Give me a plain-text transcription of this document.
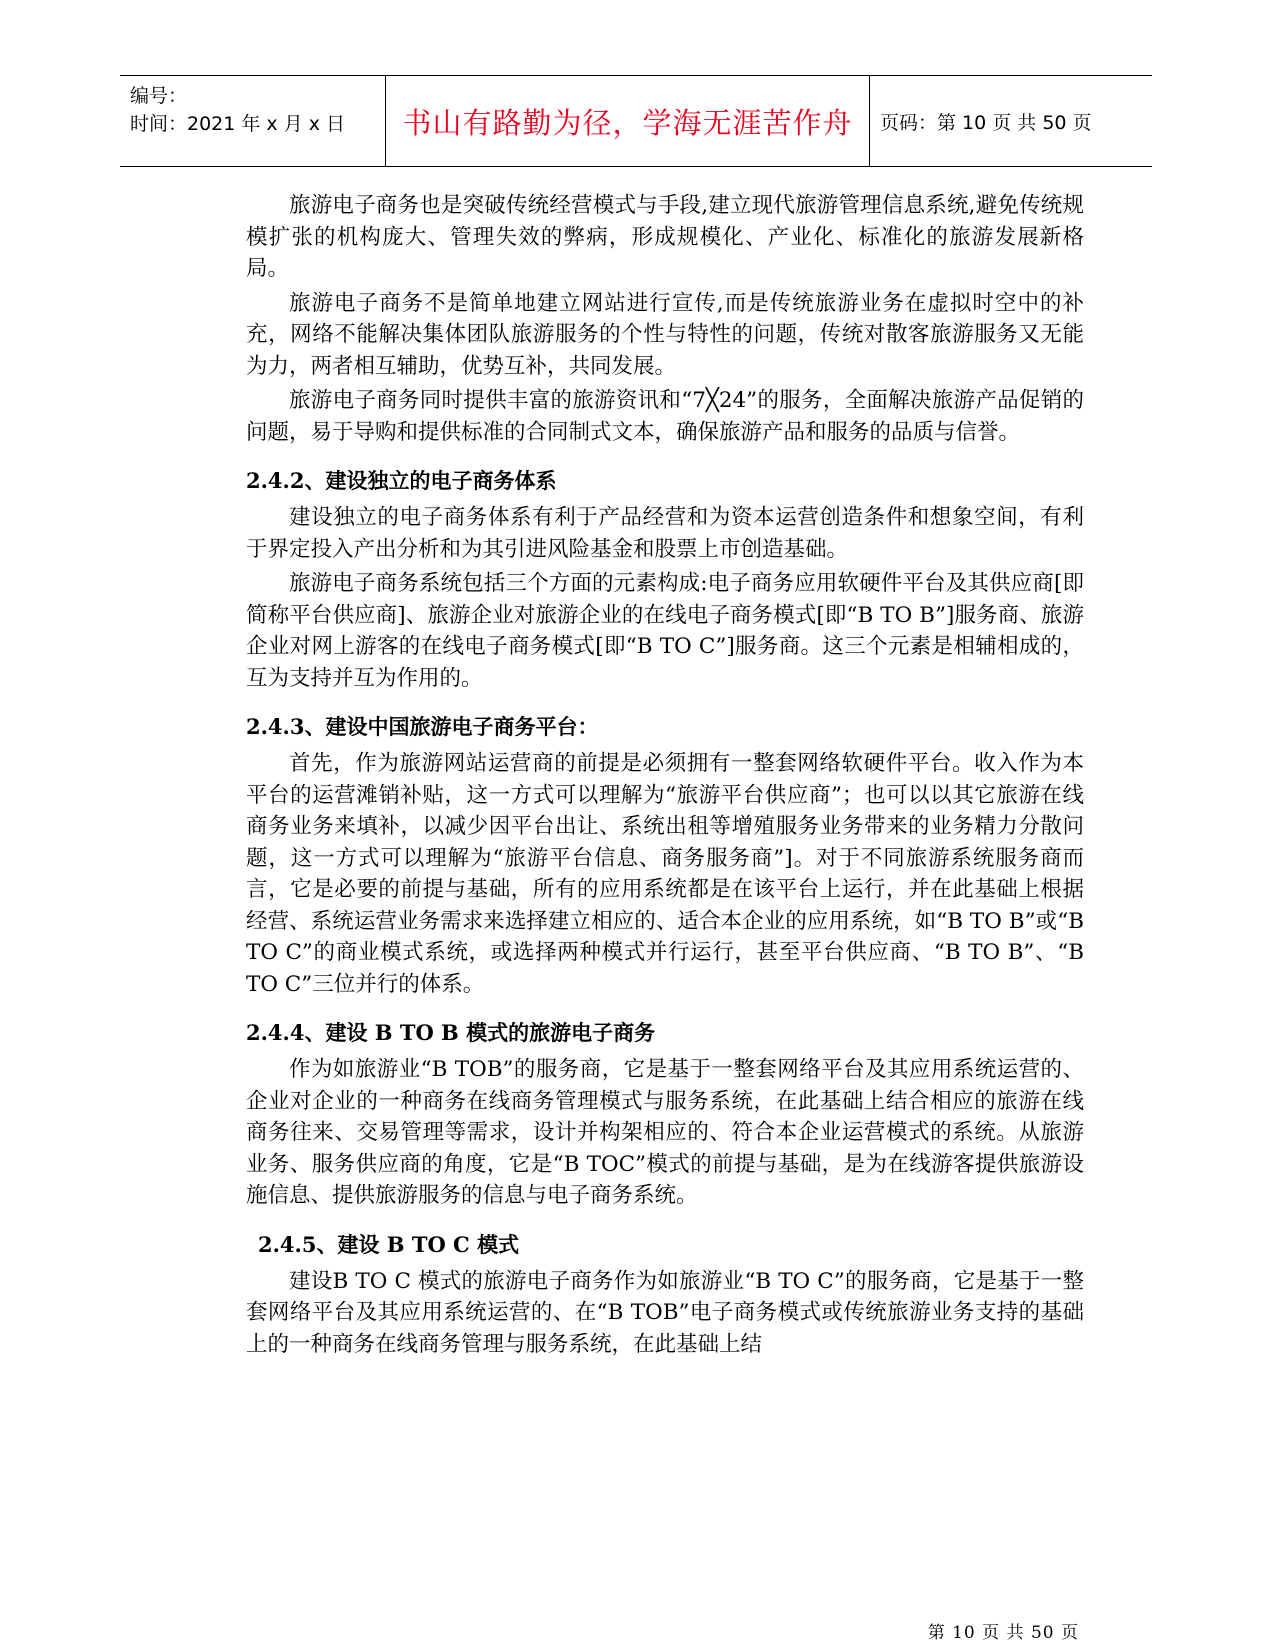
编号：
时间：2021 年 x 月 x 日	书山有路勤为径，学海无涯苦作舟 页码：第 10 页 共 50 页

旅游电子商务也是突破传统经营模式与手段,建立现代旅游管理信息系统,避免传统规模扩张的机构庞大、管理失效的弊病，形成规模化、产业化、标准化的旅游发展新格局。

旅游电子商务不是简单地建立网站进行宣传,而是传统旅游业务在虚拟时空中的补充，网络不能解决集体团队旅游服务的个性与特性的问题，传统对散客旅游服务又无能为力，两者相互辅助，优势互补，共同发展。

旅游电子商务同时提供丰富的旅游资讯和“7╳24”的服务，全面解决旅游产品促销的问题，易于导购和提供标准的合同制式文本，确保旅游产品和服务的品质与信誉。

2.4.2、建设独立的电子商务体系

建设独立的电子商务体系有利于产品经营和为资本运营创造条件和想象空间，有利于界定投入产出分析和为其引进风险基金和股票上市创造基础。

旅游电子商务系统包括三个方面的元素构成:电子商务应用软硬件平台及其供应商[即简称平台供应商]、旅游企业对旅游企业的在线电子商务模式[即“B TO B”]服务商、旅游企业对网上游客的在线电子商务模式[即“B TO C”]服务商。这三个元素是相辅相成的，互为支持并互为作用的。

2.4.3、建设中国旅游电子商务平台：

首先，作为旅游网站运营商的前提是必须拥有一整套网络软硬件平台。收入作为本平台的运营滩销补贴，这一方式可以理解为“旅游平台供应商”；也可以以其它旅游在线商务业务来填补，以减少因平台出让、系统出租等增殖服务业务带来的业务精力分散问题，这一方式可以理解为“旅游平台信息、商务服务商”]。对于不同旅游系统服务商而言，它是必要的前提与基础，所有的应用系统都是在该平台上运行，并在此基础上根据经营、系统运营业务需求来选择建立相应的、适合本企业的应用系统，如“B TO B”或“B TO C”的商业模式系统，或选择两种模式并行运行，甚至平台供应商、“B TO B”、“B TO C”三位并行的体系。

2.4.4、建设 B TO B 模式的旅游电子商务

作为如旅游业“B TOB”的服务商，它是基于一整套网络平台及其应用系统运营的、企业对企业的一种商务在线商务管理模式与服务系统，在此基础上结合相应的旅游在线商务往来、交易管理等需求，设计并构架相应的、符合本企业运营模式的系统。从旅游业务、服务供应商的角度，它是“B TOC”模式的前提与基础，是为在线游客提供旅游设施信息、提供旅游服务的信息与电子商务系统。

2.4.5、建设 B TO C 模式

建设B TO C 模式的旅游电子商务作为如旅游业“B TO C”的服务商，它是基于一整套网络平台及其应用系统运营的、在“B TOB”电子商务模式或传统旅游业务支持的基础上的一种商务在线商务管理与服务系统，在此基础上结

第 10 页 共 50 页
